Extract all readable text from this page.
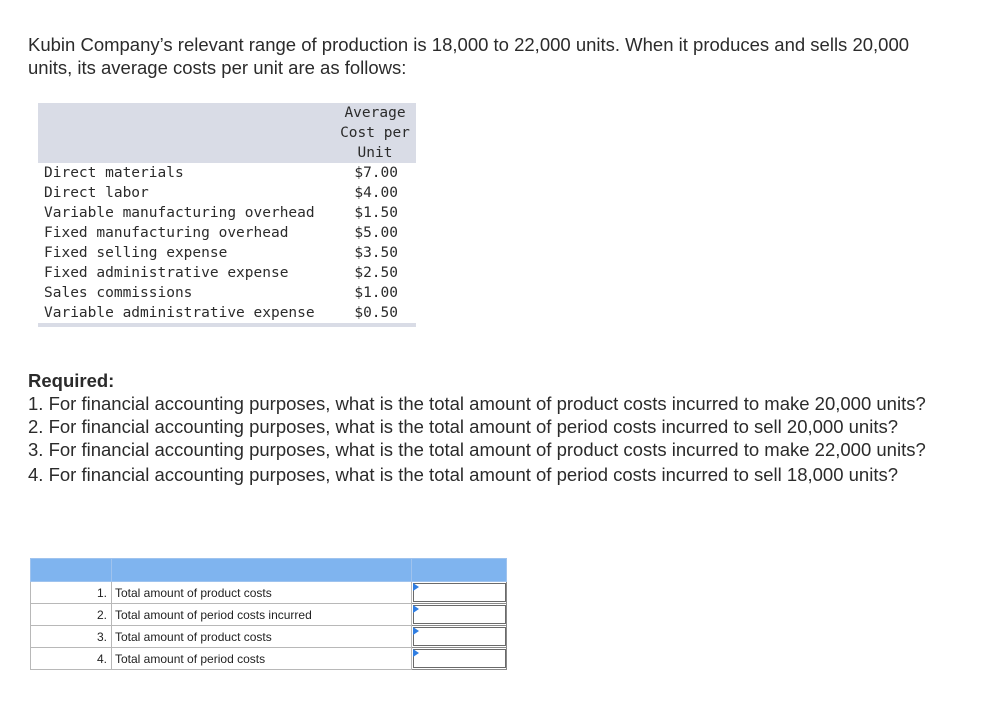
Kubin Company’s relevant range of production is 18,000 to 22,000 units. When it produces and sells 20,000 units, its average costs per unit are as follows:

	Average
Cost per
Unit

Direct materials	$7.00
Direct labor	$4.00
Variable manufacturing overhead	$1.50
Fixed manufacturing overhead	$5.00
Fixed selling expense	$3.50
Fixed administrative expense	$2.50
Sales commissions	$1.00
Variable administrative expense	$0.50

Required:

1. For financial accounting purposes, what is the total amount of product costs incurred to make 20,000 units?

2. For financial accounting purposes, what is the total amount of period costs incurred to sell 20,000 units?

3. For financial accounting purposes, what is the total amount of product costs incurred to make 22,000 units?

4. For financial accounting purposes, what is the total amount of period costs incurred to sell 18,000 units?

1.	Total amount of product costs	

2.	Total amount of period costs incurred	

3.	Total amount of product costs	

4.	Total amount of period costs	
